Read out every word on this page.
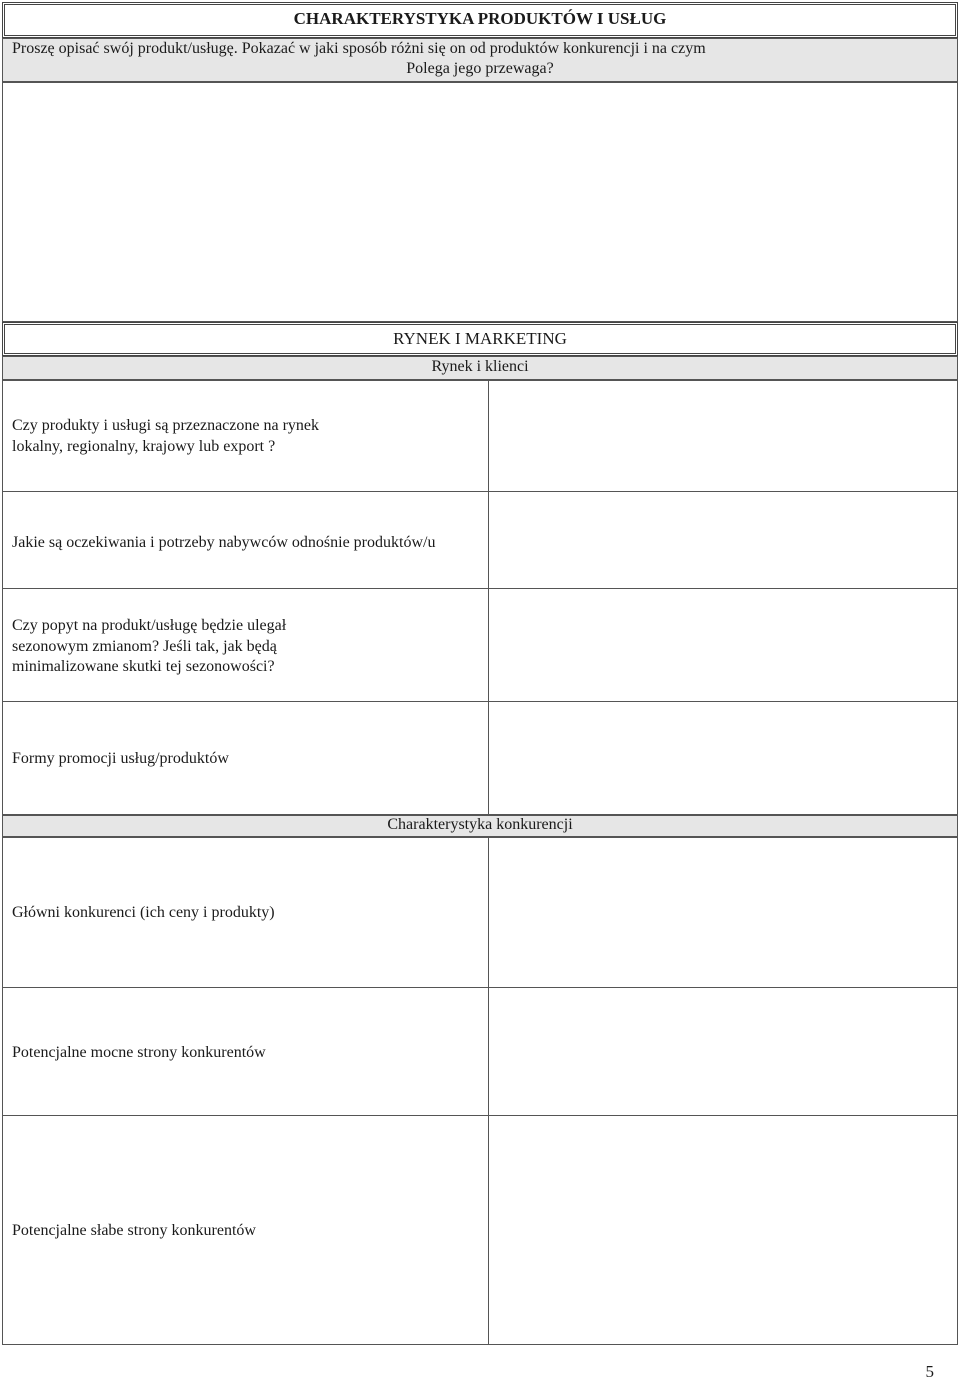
CHARAKTERYSTYKA PRODUKTÓW I USŁUG
Proszę opisać swój produkt/usługę. Pokazać w jaki sposób różni się on od produktów konkurencji i na czym
Polega jego przewaga?
RYNEK I MARKETING
Rynek i klienci
Czy produkty i usługi są przeznaczone na rynek
lokalny, regionalny, krajowy lub export ?
Jakie są oczekiwania i potrzeby nabywców odnośnie produktów/u
Czy popyt na produkt/usługę będzie ulegał
sezonowym zmianom? Jeśli tak, jak będą
minimalizowane skutki tej sezonowości?
Formy promocji usług/produktów
Charakterystyka konkurencji
Główni konkurenci (ich ceny i produkty)
Potencjalne mocne strony konkurentów
Potencjalne słabe strony konkurentów
5
